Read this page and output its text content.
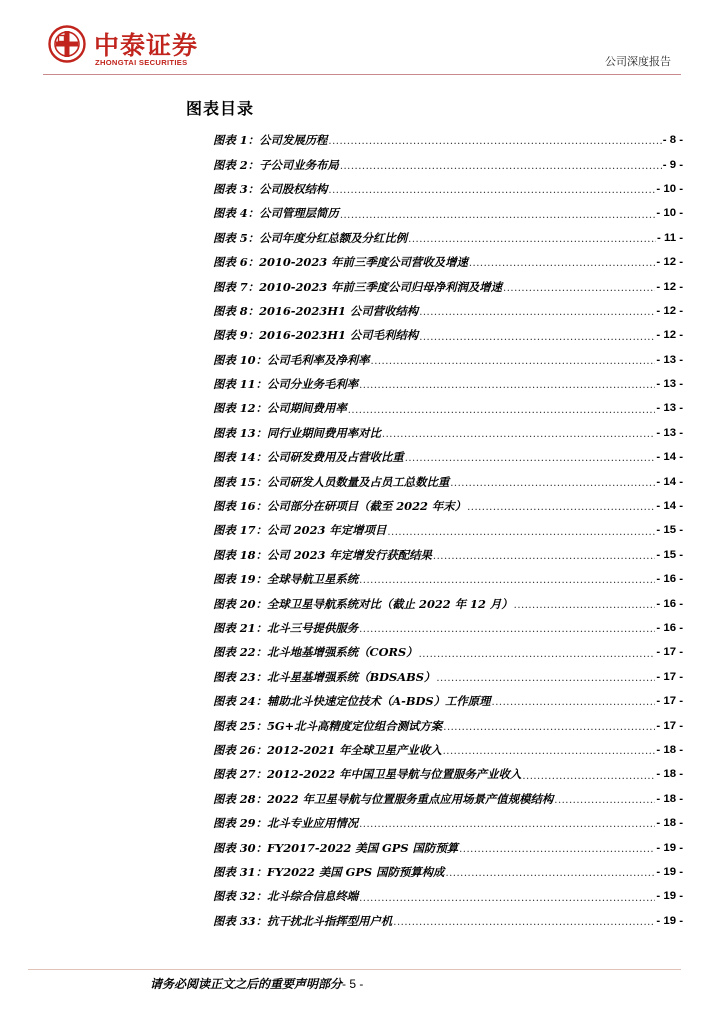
中泰证券
ZHONGTAI SECURITIES	公司深度报告
图表目录
图表 1：公司发展历程 .....	- 8 -
图表 2：子公司业务布局 .....	- 9 -
图表 3：公司股权结构 .....	- 10 -
图表 4：公司管理层简历 .....	- 10 -
图表 5：公司年度分红总额及分红比例 .....	- 11 -
图表 6：2010-2023 年前三季度公司营收及增速 .....	- 12 -
图表 7：2010-2023 年前三季度公司归母净利润及增速 .....	- 12 -
图表 8：2016-2023H1 公司营收结构 .....	- 12 -
图表 9：2016-2023H1 公司毛利结构 .....	- 12 -
图表 10：公司毛利率及净利率 .....	- 13 -
图表 11：公司分业务毛利率 .....	- 13 -
图表 12：公司期间费用率 .....	- 13 -
图表 13：同行业期间费用率对比 .....	- 13 -
图表 14：公司研发费用及占营收比重 .....	- 14 -
图表 15：公司研发人员数量及占员工总数比重 .....	- 14 -
图表 16：公司部分在研项目（截至 2022 年末） .....	- 14 -
图表 17：公司 2023 年定增项目 .....	- 15 -
图表 18：公司 2023 年定增发行获配结果 .....	- 15 -
图表 19：全球导航卫星系统 .....	- 16 -
图表 20：全球卫星导航系统对比（截止 2022 年 12 月） .....	- 16 -
图表 21：北斗三号提供服务 .....	- 16 -
图表 22：北斗地基增强系统（CORS） .....	- 17 -
图表 23：北斗星基增强系统（BDSABS） .....	- 17 -
图表 24：辅助北斗快速定位技术（A-BDS）工作原理 .....	- 17 -
图表 25：5G+北斗高精度定位组合测试方案 .....	- 17 -
图表 26：2012-2021 年全球卫星产业收入 .....	- 18 -
图表 27：2012-2022 年中国卫星导航与位置服务产业收入 .....	- 18 -
图表 28：2022 年卫星导航与位置服务重点应用场景产值规模结构 .....	- 18 -
图表 29：北斗专业应用情况 .....	- 18 -
图表 30：FY2017-2022 美国 GPS 国防预算 .....	- 19 -
图表 31：FY2022 美国 GPS 国防预算构成 .....	- 19 -
图表 32：北斗综合信息终端 .....	- 19 -
图表 33：抗干扰北斗指挥型用户机 .....	- 19 -
请务必阅读正文之后的重要声明部分- 5 -
